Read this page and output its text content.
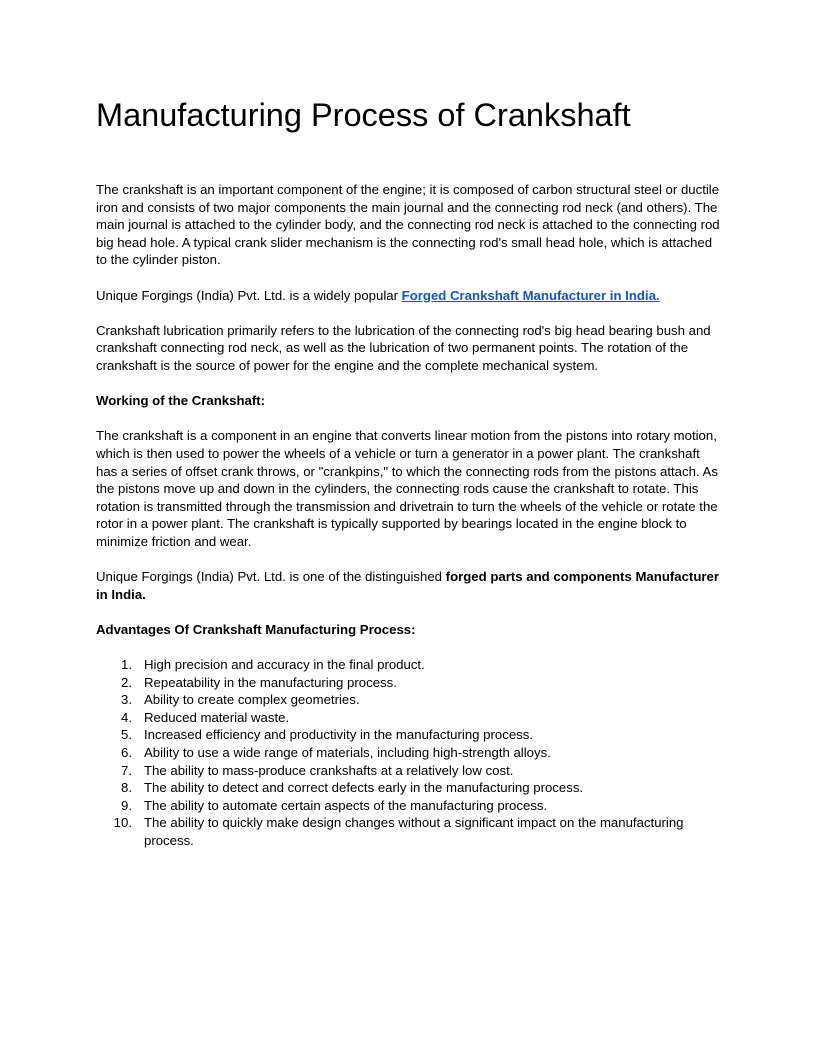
Manufacturing Process of Crankshaft

The crankshaft is an important component of the engine; it is composed of carbon structural steel or ductile iron and consists of two major components the main journal and the connecting rod neck (and others). The main journal is attached to the cylinder body, and the connecting rod neck is attached to the connecting rod big head hole. A typical crank slider mechanism is the connecting rod's small head hole, which is attached to the cylinder piston.

Unique Forgings (India) Pvt. Ltd. is a widely popular Forged Crankshaft Manufacturer in India.

Crankshaft lubrication primarily refers to the lubrication of the connecting rod's big head bearing bush and crankshaft connecting rod neck, as well as the lubrication of two permanent points. The rotation of the crankshaft is the source of power for the engine and the complete mechanical system.

Working of the Crankshaft:

The crankshaft is a component in an engine that converts linear motion from the pistons into rotary motion, which is then used to power the wheels of a vehicle or turn a generator in a power plant. The crankshaft has a series of offset crank throws, or "crankpins," to which the connecting rods from the pistons attach. As the pistons move up and down in the cylinders, the connecting rods cause the crankshaft to rotate. This rotation is transmitted through the transmission and drivetrain to turn the wheels of the vehicle or rotate the rotor in a power plant. The crankshaft is typically supported by bearings located in the engine block to minimize friction and wear.

Unique Forgings (India) Pvt. Ltd. is one of the distinguished forged parts and components Manufacturer in India.

Advantages Of Crankshaft Manufacturing Process:

1. High precision and accuracy in the final product.
2. Repeatability in the manufacturing process.
3. Ability to create complex geometries.
4. Reduced material waste.
5. Increased efficiency and productivity in the manufacturing process.
6. Ability to use a wide range of materials, including high-strength alloys.
7. The ability to mass-produce crankshafts at a relatively low cost.
8. The ability to detect and correct defects early in the manufacturing process.
9. The ability to automate certain aspects of the manufacturing process.
10. The ability to quickly make design changes without a significant impact on the manufacturing process.
